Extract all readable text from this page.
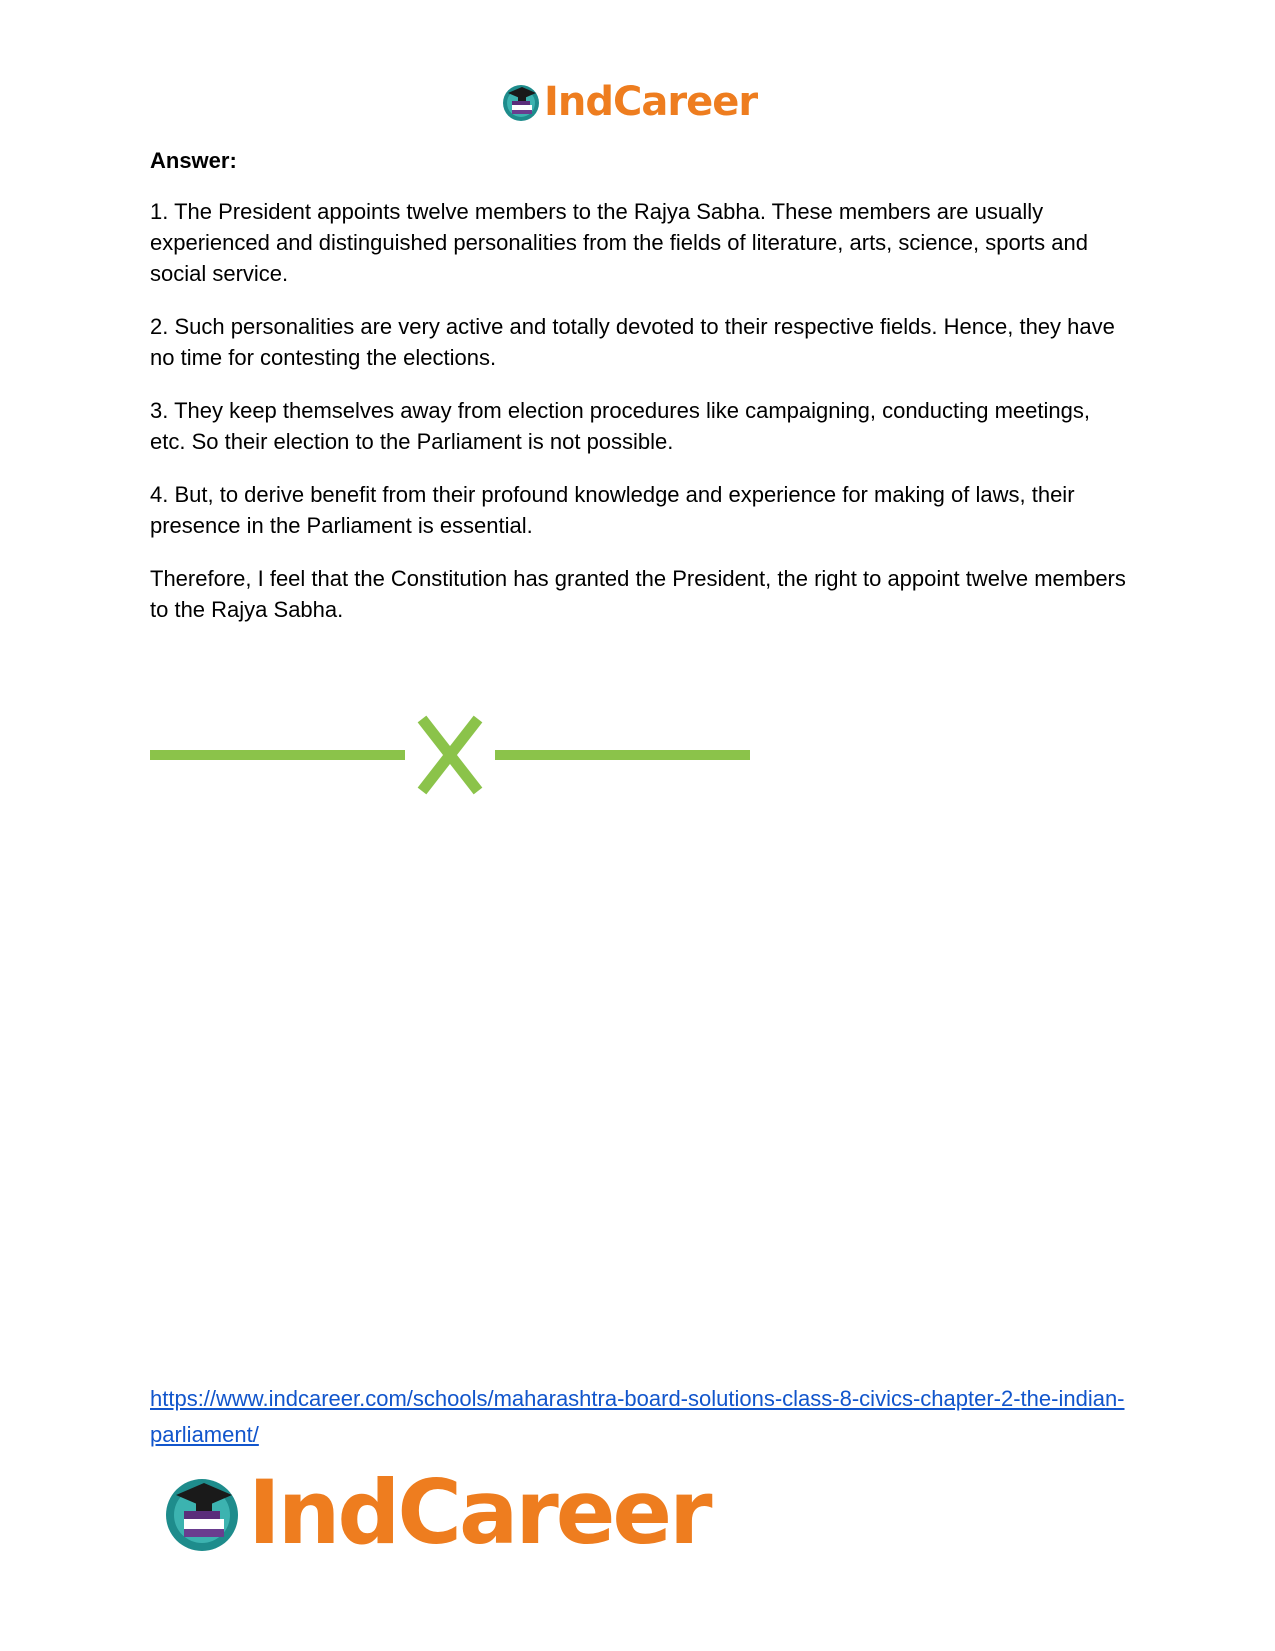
IndCareer
Answer:

1. The President appoints twelve members to the Rajya Sabha. These members are usually experienced and distinguished personalities from the fields of literature, arts, science, sports and social service.

2. Such personalities are very active and totally devoted to their respective fields. Hence, they have no time for contesting the elections.

3. They keep themselves away from election procedures like campaigning, conducting meetings, etc. So their election to the Parliament is not possible.

4. But, to derive benefit from their profound knowledge and experience for making of laws, their presence in the Parliament is essential.

Therefore, I feel that the Constitution has granted the President, the right to appoint twelve members to the Rajya Sabha.

https://www.indcareer.com/schools/maharashtra-board-solutions-class-8-civics-chapter-2-the-indian-parliament/
IndCareer
